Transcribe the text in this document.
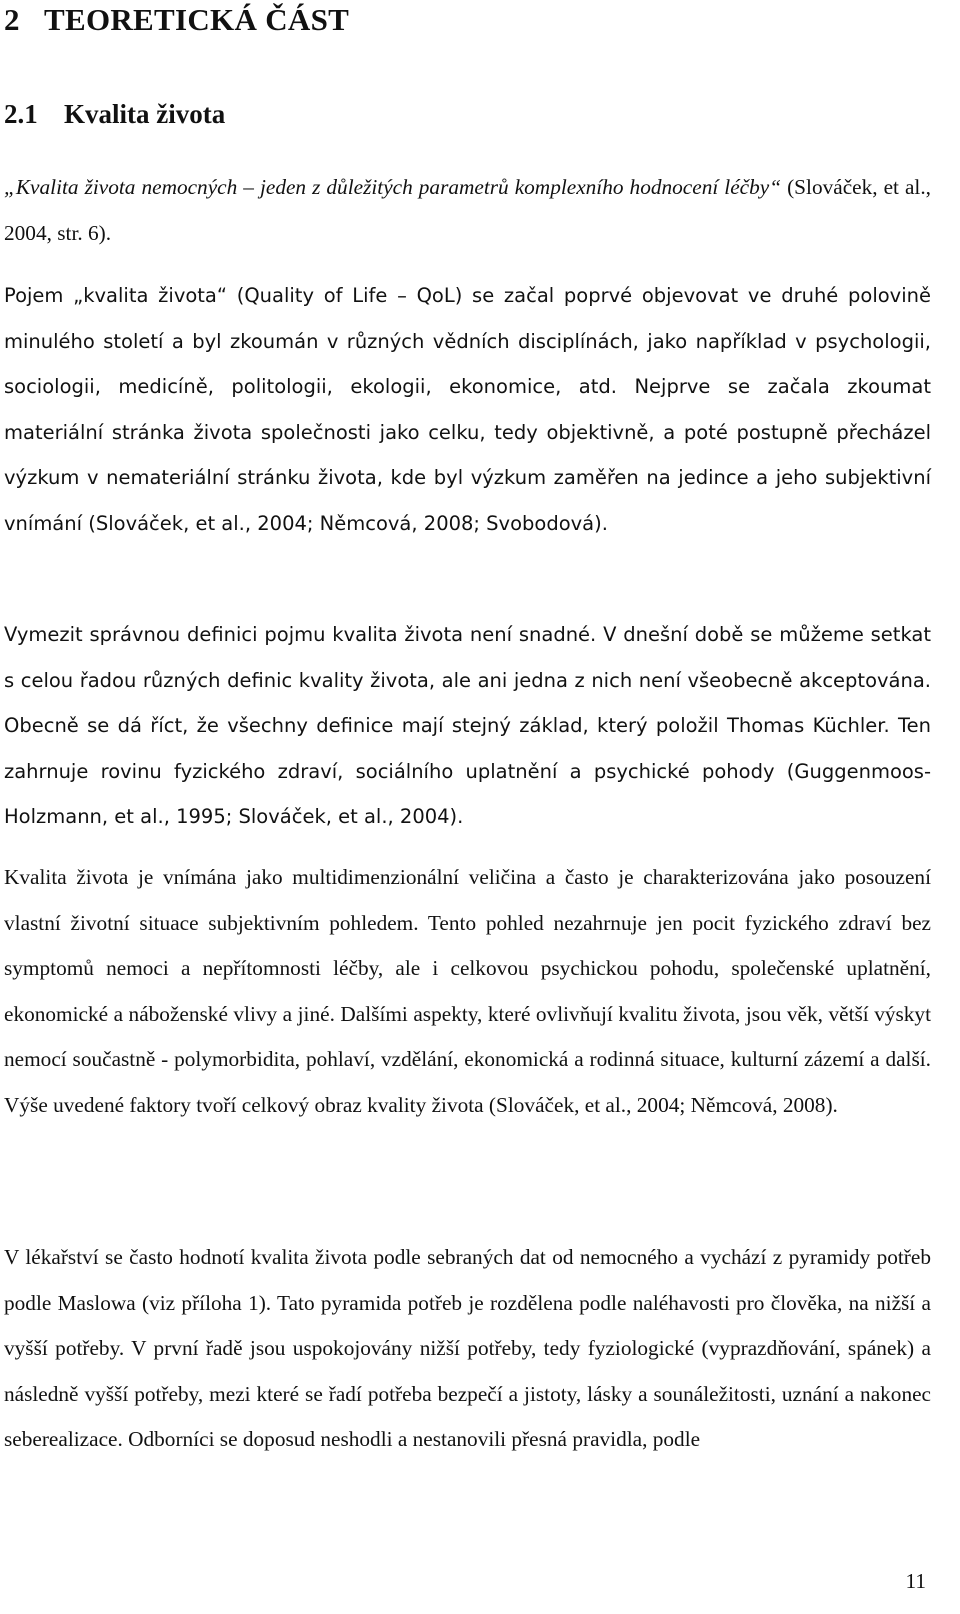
2 TEORETICKÁ ČÁST
2.1 Kvalita života

„Kvalita života nemocných – jeden z důležitých parametrů komplexního hodnocení léčby“ (Slováček, et al., 2004, str. 6).

Pojem „kvalita života“ (Quality of Life – QoL) se začal poprvé objevovat ve druhé polovině minulého století a byl zkoumán v různých vědních disciplínách, jako například v psychologii, sociologii, medicíně, politologii, ekologii, ekonomice, atd. Nejprve se začala zkoumat materiální stránka života společnosti jako celku, tedy objektivně, a poté postupně přecházel výzkum v nemateriální stránku života, kde byl výzkum zaměřen na jedince a jeho subjektivní vnímání (Slováček, et al., 2004; Němcová, 2008; Svobodová).

Vymezit správnou definici pojmu kvalita života není snadné. V dnešní době se můžeme setkat s celou řadou různých definic kvality života, ale ani jedna z nich není všeobecně akceptována. Obecně se dá říct, že všechny definice mají stejný základ, který položil Thomas Küchler. Ten zahrnuje rovinu fyzického zdraví, sociálního uplatnění a psychické pohody (Guggenmoos-Holzmann, et al., 1995; Slováček, et al., 2004).

Kvalita života je vnímána jako multidimenzionální veličina a často je charakterizována jako posouzení vlastní životní situace subjektivním pohledem. Tento pohled nezahrnuje jen pocit fyzického zdraví bez symptomů nemoci a nepřítomnosti léčby, ale i celkovou psychickou pohodu, společenské uplatnění, ekonomické a náboženské vlivy a jiné. Dalšími aspekty, které ovlivňují kvalitu života, jsou věk, větší výskyt nemocí součastně - polymorbidita, pohlaví, vzdělání, ekonomická a rodinná situace, kulturní zázemí a další. Výše uvedené faktory tvoří celkový obraz kvality života (Slováček, et al., 2004; Němcová, 2008).

V lékařství se často hodnotí kvalita života podle sebraných dat od nemocného a vychází z pyramidy potřeb podle Maslowa (viz příloha 1). Tato pyramida potřeb je rozdělena podle naléhavosti pro člověka, na nižší a vyšší potřeby. V první řadě jsou uspokojovány nižší potřeby, tedy fyziologické (vyprazdňování, spánek) a následně vyšší potřeby, mezi které se řadí potřeba bezpečí a jistoty, lásky a sounáležitosti, uznání a nakonec seberealizace. Odborníci se doposud neshodli a nestanovili přesná pravidla, podle

11
